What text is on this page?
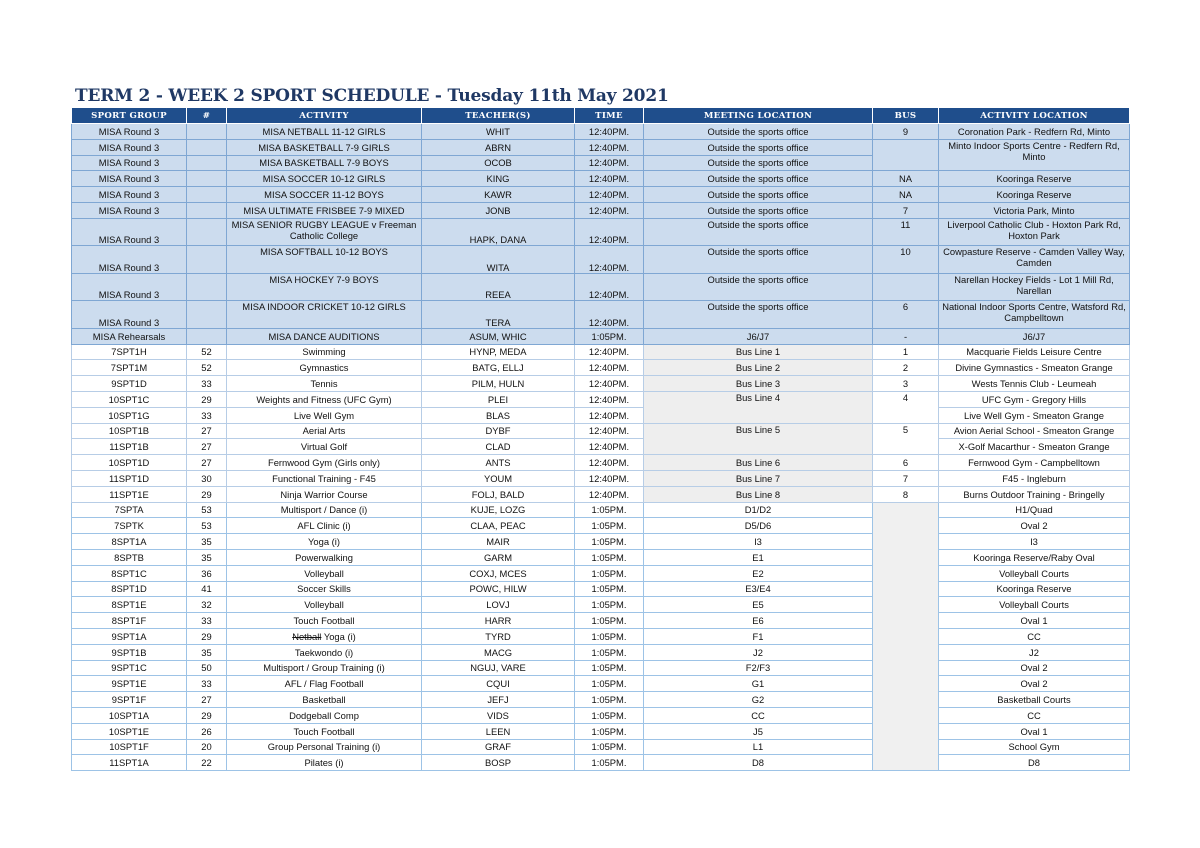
TERM 2 - WEEK 2 SPORT SCHEDULE - Tuesday 11th May 2021
SPORT GROUP	#	ACTIVITY	TEACHER(S)	TIME	MEETING LOCATION	BUS	ACTIVITY LOCATION
MISA Round 3		MISA NETBALL 11-12 GIRLS	WHIT	12:40PM.	Outside the sports office	9	Coronation Park - Redfern Rd, Minto
MISA Round 3		MISA BASKETBALL 7-9 GIRLS	ABRN	12:40PM.	Outside the sports office		Minto Indoor Sports Centre - Redfern Rd, Minto
MISA Round 3		MISA BASKETBALL 7-9 BOYS	OCOB	12:40PM.	Outside the sports office		
MISA Round 3		MISA SOCCER 10-12 GIRLS	KING	12:40PM.	Outside the sports office	NA	Kooringa Reserve
MISA Round 3		MISA SOCCER 11-12 BOYS	KAWR	12:40PM.	Outside the sports office	NA	Kooringa Reserve
MISA Round 3		MISA ULTIMATE FRISBEE 7-9 MIXED	JONB	12:40PM.	Outside the sports office	7	Victoria Park, Minto
MISA Round 3		MISA SENIOR RUGBY LEAGUE v Freeman Catholic College	HAPK, DANA	12:40PM.	Outside the sports office	11	Liverpool Catholic Club - Hoxton Park Rd, Hoxton Park
MISA Round 3		MISA SOFTBALL 10-12 BOYS	WITA	12:40PM.	Outside the sports office	10	Cowpasture Reserve - Camden Valley Way, Camden
MISA Round 3		MISA HOCKEY 7-9 BOYS	REEA	12:40PM.	Outside the sports office		Narellan Hockey Fields - Lot 1 Mill Rd, Narellan
MISA Round 3		MISA INDOOR CRICKET 10-12 GIRLS	TERA	12:40PM.	Outside the sports office	6	National Indoor Sports Centre, Watsford Rd, Campbelltown
MISA Rehearsals		MISA DANCE AUDITIONS	ASUM, WHIC	1:05PM.	J6/J7	-	J6/J7
7SPT1H	52	Swimming	HYNP, MEDA	12:40PM.	Bus Line 1	1	Macquarie Fields Leisure Centre
7SPT1M	52	Gymnastics	BATG, ELLJ	12:40PM.	Bus Line 2	2	Divine Gymnastics - Smeaton Grange
9SPT1D	33	Tennis	PILM, HULN	12:40PM.	Bus Line 3	3	Wests Tennis Club - Leumeah
10SPT1C	29	Weights and Fitness (UFC Gym)	PLEI	12:40PM.	Bus Line 4	4	UFC Gym - Gregory Hills
10SPT1G	33	Live Well Gym	BLAS	12:40PM.			Live Well Gym - Smeaton Grange
10SPT1B	27	Aerial Arts	DYBF	12:40PM.	Bus Line 5	5	Avion Aerial School - Smeaton Grange
11SPT1B	27	Virtual Golf	CLAD	12:40PM.			X-Golf Macarthur - Smeaton Grange
10SPT1D	27	Fernwood Gym (Girls only)	ANTS	12:40PM.	Bus Line 6	6	Fernwood Gym - Campbelltown
11SPT1D	30	Functional Training - F45	YOUM	12:40PM.	Bus Line 7	7	F45 - Ingleburn
11SPT1E	29	Ninja Warrior Course	FOLJ, BALD	12:40PM.	Bus Line 8	8	Burns Outdoor Training - Bringelly
7SPTA	53	Multisport / Dance (i)	KUJE, LOZG	1:05PM.	D1/D2		H1/Quad
7SPTK	53	AFL Clinic (i)	CLAA, PEAC	1:05PM.	D5/D6		Oval 2
8SPT1A	35	Yoga (i)	MAIR	1:05PM.	I3		I3
8SPTB	35	Powerwalking	GARM	1:05PM.	E1		Kooringa Reserve/Raby Oval
8SPT1C	36	Volleyball	COXJ, MCES	1:05PM.	E2		Volleyball Courts
8SPT1D	41	Soccer Skills	POWC, HILW	1:05PM.	E3/E4		Kooringa Reserve
8SPT1E	32	Volleyball	LOVJ	1:05PM.	E5		Volleyball Courts
8SPT1F	33	Touch Football	HARR	1:05PM.	E6		Oval 1
9SPT1A	29	Netball Yoga (i)	TYRD	1:05PM.	F1		CC
9SPT1B	35	Taekwondo (i)	MACG	1:05PM.	J2		J2
9SPT1C	50	Multisport / Group Training (i)	NGUJ, VARE	1:05PM.	F2/F3		Oval 2
9SPT1E	33	AFL / Flag Football	CQUI	1:05PM.	G1		Oval 2
9SPT1F	27	Basketball	JEFJ	1:05PM.	G2		Basketball Courts
10SPT1A	29	Dodgeball Comp	VIDS	1:05PM.	CC		CC
10SPT1E	26	Touch Football	LEEN	1:05PM.	J5		Oval 1
10SPT1F	20	Group Personal Training (i)	GRAF	1:05PM.	L1		School Gym
11SPT1A	22	Pilates (i)	BOSP	1:05PM.	D8		D8
